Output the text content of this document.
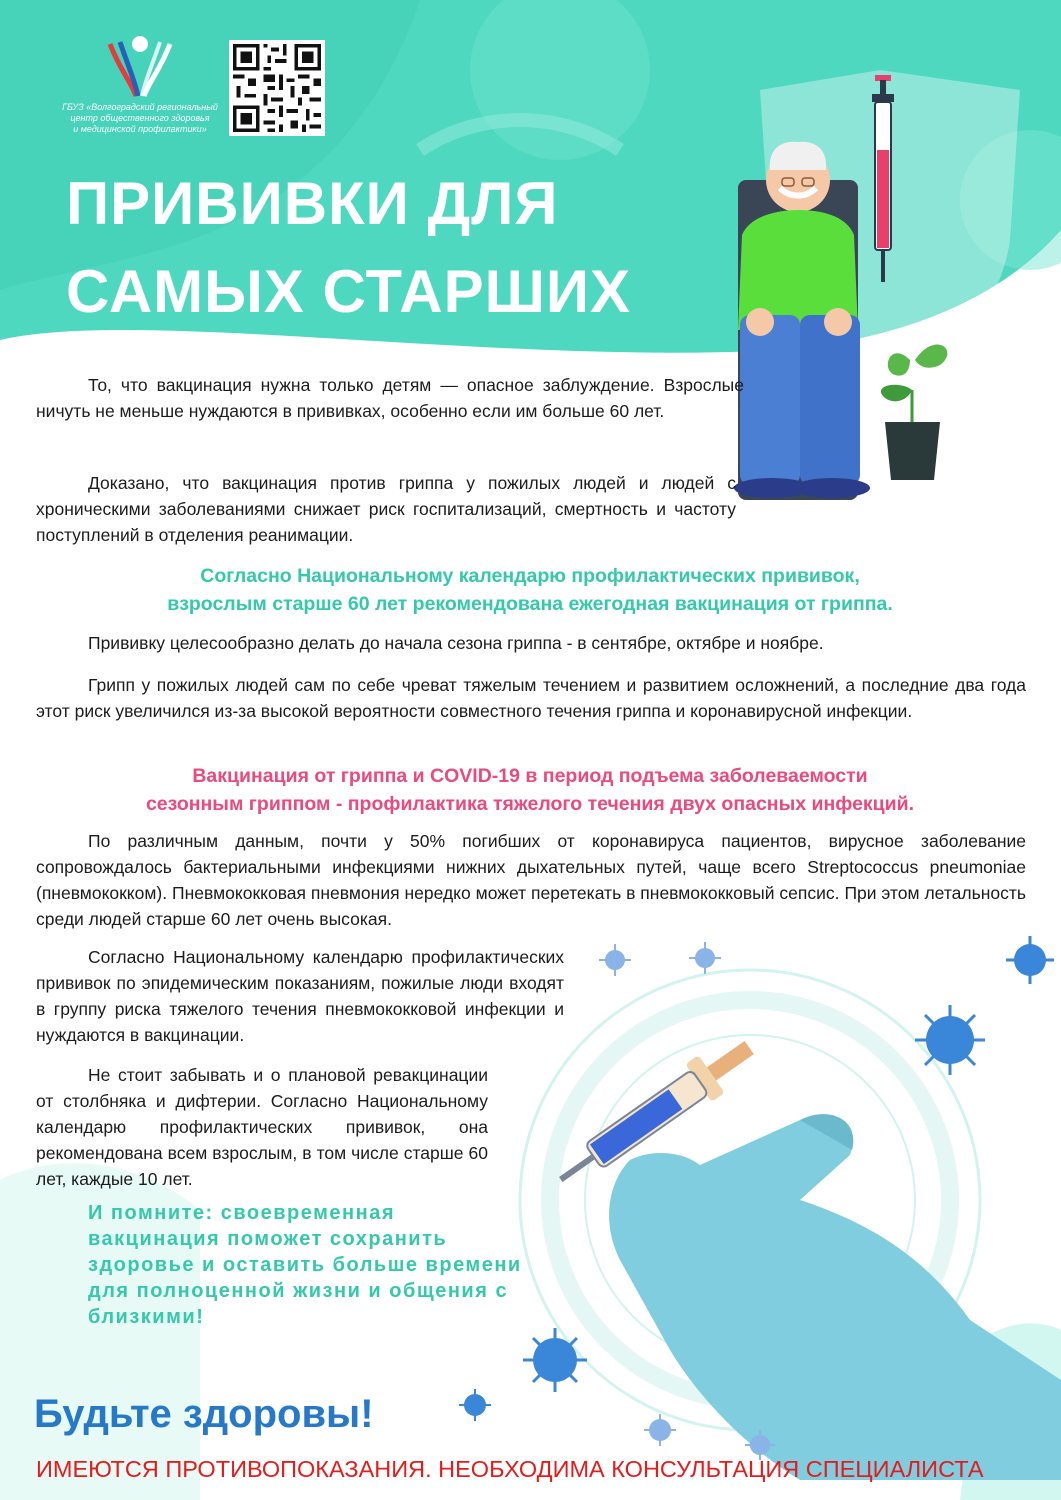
ГБУЗ «Волгоградский региональный
центр общественного здоровья
и медицинской профилактики»
ПРИВИВКИ ДЛЯ
САМЫХ СТАРШИХ

То, что вакцинация нужна только детям — опасное заблуждение. Взрослые ничуть не меньше нуждаются в прививках, особенно если им больше 60 лет.

Доказано, что вакцинация против гриппа у пожилых людей и людей с хроническими заболеваниями снижает риск госпитализаций, смертность и частоту поступлений в отделения реанимации.

Согласно Национальному календарю профилактических прививок,
взрослым старше 60 лет рекомендована ежегодная вакцинация от гриппа.

Прививку целесообразно делать до начала сезона гриппа - в сентябре, октябре и ноябре.

Грипп у пожилых людей сам по себе чреват тяжелым течением и развитием осложнений, а последние два года этот риск увеличился из-за высокой вероятности совместного течения гриппа и коронавирусной инфекции.

Вакцинация от гриппа и COVID-19 в период подъема заболеваемости
сезонным гриппом - профилактика тяжелого течения двух опасных инфекций.

По различным данным, почти у 50% погибших от коронавируса пациентов, вирусное заболевание сопровождалось бактериальными инфекциями нижних дыхательных путей, чаще всего Streptococcus pneumoniae (пневмококком). Пневмококковая пневмония нередко может перетекать в пневмококковый сепсис. При этом летальность среди людей старше 60 лет очень высокая.

Согласно Национальному календарю профилактических прививок по эпидемическим показаниям, пожилые люди входят в группу риска тяжелого течения пневмококковой инфекции и нуждаются в вакцинации.

Не стоит забывать и о плановой ревакцинации от столбняка и дифтерии. Согласно Национальному календарю профилактических прививок, она рекомендована всем взрослым, в том числе старше 60 лет, каждые 10 лет.

И помните: своевременная
вакцинация поможет сохранить
здоровье и оставить больше времени
для полноценной жизни и общения с
близкими!
Будьте здоровы!
ИМЕЮТСЯ ПРОТИВОПОКАЗАНИЯ. НЕОБХОДИМА КОНСУЛЬТАЦИЯ СПЕЦИАЛИСТА
